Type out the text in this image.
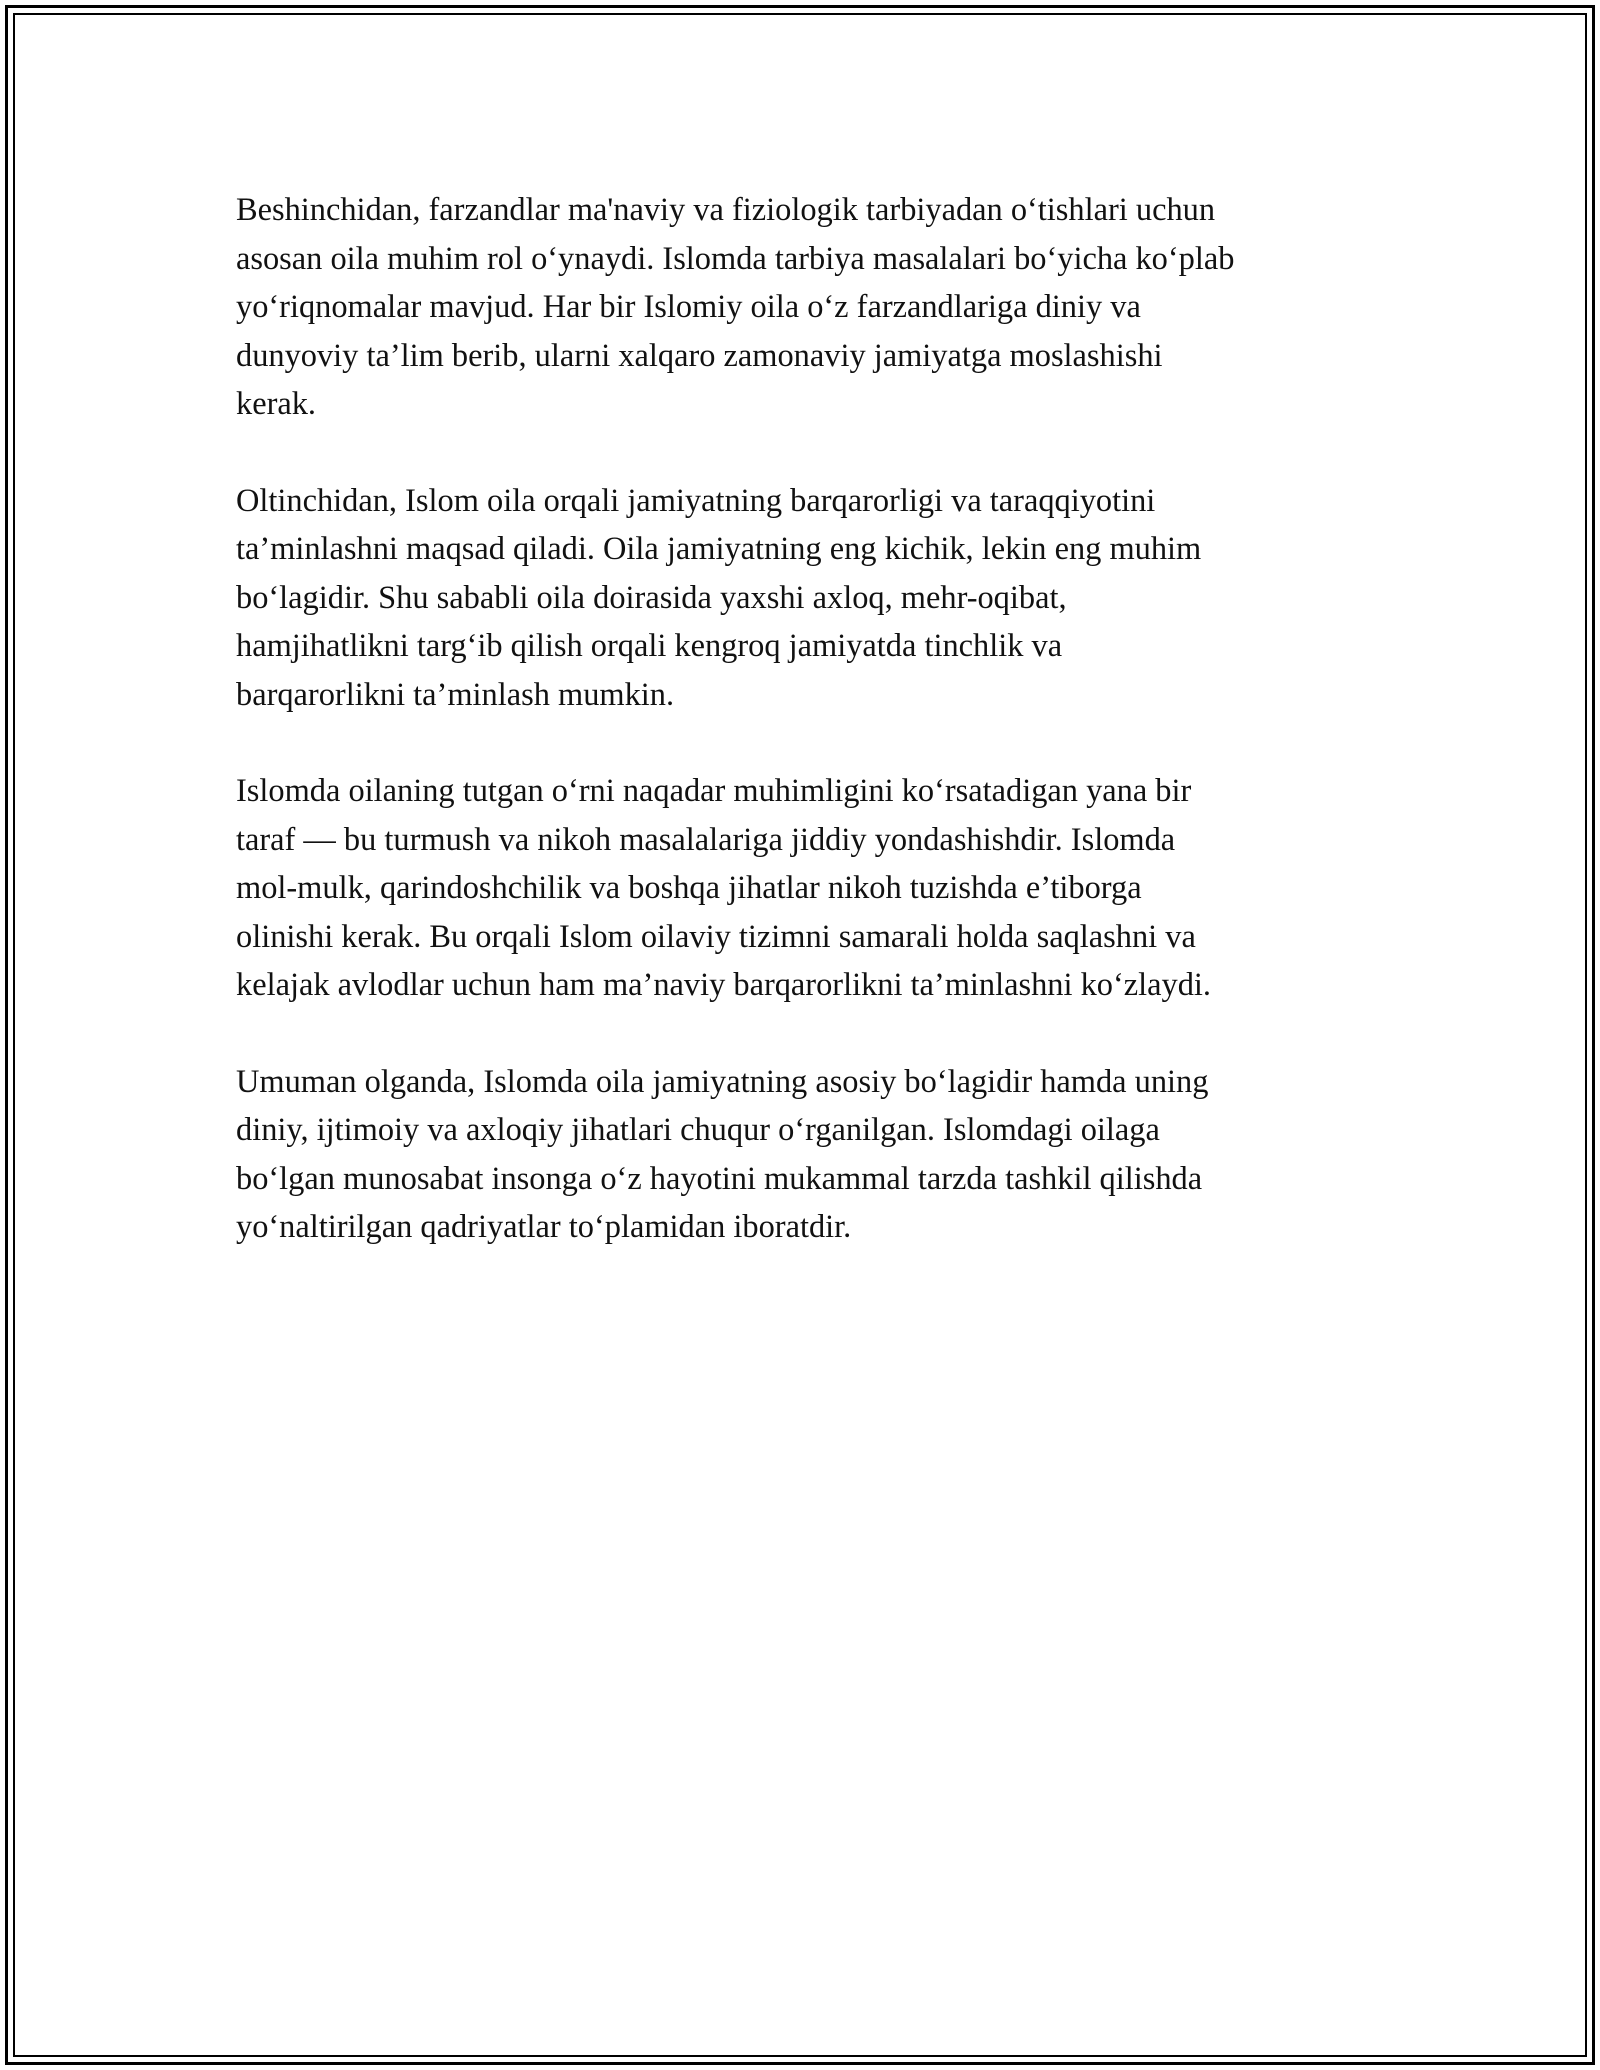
Beshinchidan, farzandlar ma'naviy va fiziologik tarbiyadan o‘tishlari uchun
asosan oila muhim rol o‘ynaydi. Islomda tarbiya masalalari bo‘yicha ko‘plab
yo‘riqnomalar mavjud. Har bir Islomiy oila o‘z farzandlariga diniy va
dunyoviy ta’lim berib, ularni xalqaro zamonaviy jamiyatga moslashishi
kerak.

Oltinchidan, Islom oila orqali jamiyatning barqarorligi va taraqqiyotini
ta’minlashni maqsad qiladi. Oila jamiyatning eng kichik, lekin eng muhim
bo‘lagidir. Shu sababli oila doirasida yaxshi axloq, mehr-oqibat,
hamjihatlikni targ‘ib qilish orqali kengroq jamiyatda tinchlik va
barqarorlikni ta’minlash mumkin.

Islomda oilaning tutgan o‘rni naqadar muhimligini ko‘rsatadigan yana bir
taraf — bu turmush va nikoh masalalariga jiddiy yondashishdir. Islomda
mol-mulk, qarindoshchilik va boshqa jihatlar nikoh tuzishda e’tiborga
olinishi kerak. Bu orqali Islom oilaviy tizimni samarali holda saqlashni va
kelajak avlodlar uchun ham ma’naviy barqarorlikni ta’minlashni ko‘zlaydi.

Umuman olganda, Islomda oila jamiyatning asosiy bo‘lagidir hamda uning
diniy, ijtimoiy va axloqiy jihatlari chuqur o‘rganilgan. Islomdagi oilaga
bo‘lgan munosabat insonga o‘z hayotini mukammal tarzda tashkil qilishda
yo‘naltirilgan qadriyatlar to‘plamidan iboratdir.
